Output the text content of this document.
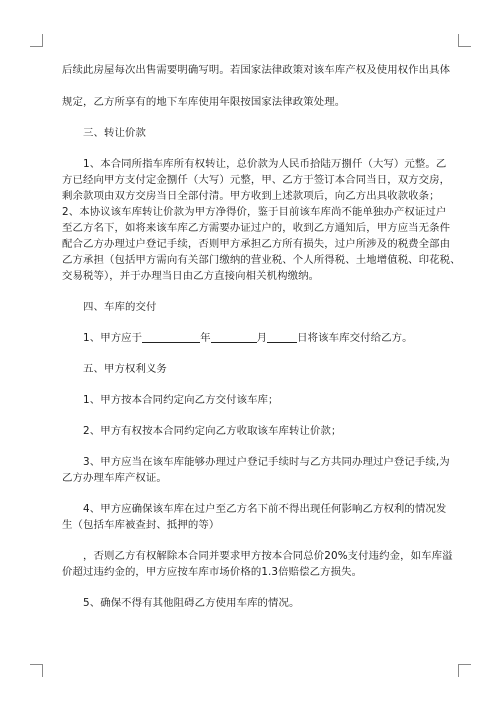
后续此房屋每次出售需要明确写明。若国家法律政策对该车库产权及使用权作出具体
规定，乙方所享有的地下车库使用年限按国家法律政策处理。
三、转让价款
1、本合同所指车库所有权转让，总价款为人民币拾陆万捌仟（大写）元整。乙
方已经向甲方支付定金捌仟（大写）元整，甲、乙方于签订本合同当日，双方交房，
剩余款项由双方交房当日全部付清。甲方收到上述款项后，向乙方出具收款收条；
2、本协议该车库转让价款为甲方净得价，鉴于目前该车库尚不能单独办产权证过户
至乙方名下，如将来该车库乙方需要办证过户的，收到乙方通知后，甲方应当无条件
配合乙方办理过户登记手续，否则甲方承担乙方所有损失，过户所涉及的税费全部由
乙方承担（包括甲方需向有关部门缴纳的营业税、个人所得税、土地增值税、印花税、
交易税等），并于办理当日由乙方直接向相关机构缴纳。
四、车库的交付
1、甲方应于	年	月	日将该车库交付给乙方。
五、甲方权利义务
1、甲方按本合同约定向乙方交付该车库；
2、甲方有权按本合同约定向乙方收取该车库转让价款；
3、甲方应当在该车库能够办理过户登记手续时与乙方共同办理过户登记手续,为
乙方办理车库产权证。
4、甲方应确保该车库在过户至乙方名下前不得出现任何影响乙方权利的情况发
生（包括车库被查封、抵押的等）
，否则乙方有权解除本合同并要求甲方按本合同总价20%支付违约金，如车库溢
价超过违约金的，甲方应按车库市场价格的1.3倍赔偿乙方损失。
5、确保不得有其他阻碍乙方使用车库的情况。
